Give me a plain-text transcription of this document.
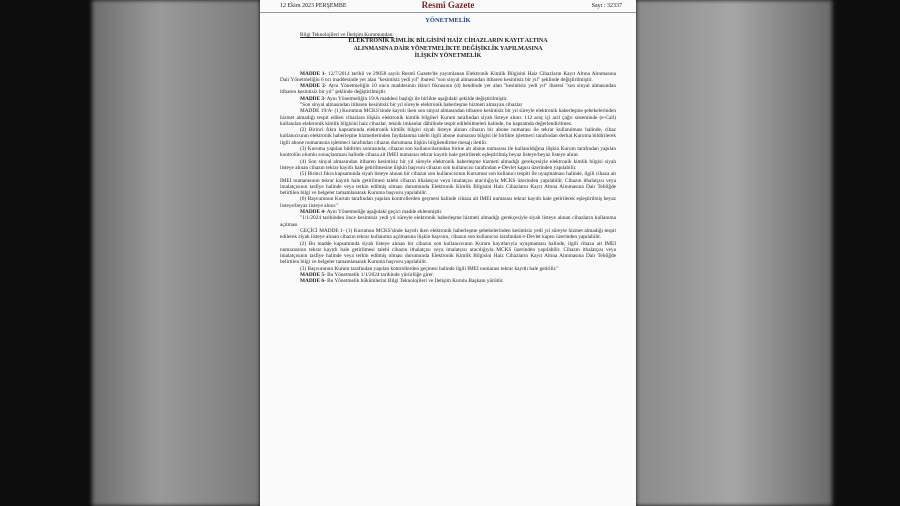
12 Ekim 2023 PERŞEMBE	Resmî Gazete	Sayı : 32337
YÖNETMELİK
Bilgi Teknolojileri ve İletişim Kurumundan:
ELEKTRONİK KİMLİK BİLGİSİNİ HAİZ CİHAZLARIN KAYIT ALTINA
ALINMASINA DAİR YÖNETMELİKTE DEĞİŞİKLİK YAPILMASINA
İLİŞKİN YÖNETMELİK

MADDE 1- 12/7/2014 tarihli ve 29058 sayılı Resmî Gazete'de yayımlanan Elektronik Kimlik Bilgisini Haiz Cihazların Kayıt Altına Alınmasına Dair Yönetmeliğin 6 ncı maddesinde yer alan "kesintisiz yedi yıl" ibaresi "son sinyal almasından itibaren kesintisiz bir yıl" şeklinde değiştirilmiştir.

MADDE 2- Aynı Yönetmeliğin 10 uncu maddesinin ikinci fıkrasının (d) bendinde yer alan "kesintisiz yedi yıl" ibaresi "son sinyal almasından itibaren kesintisiz bir yıl" şeklinde değiştirilmiştir.

MADDE 3- Aynı Yönetmeliğin 19/A maddesi başlığı ile birlikte aşağıdaki şekilde değiştirilmiştir.

"Son sinyal almasından itibaren kesintisiz bir yıl süreyle elektronik haberleşme hizmeti almayan cihazlar

MADDE 19/A- (1) Kurumun MCKS'sinde kayıtlı iken son sinyal almasından itibaren kesintisiz bir yıl süreyle elektronik haberleşme şebekelerinden hizmet almadığı tespit edilen cihazlara ilişkin elektronik kimlik bilgileri Kurum tarafından siyah listeye alınır. 112 araç içi acil çağrı sisteminde (e-Call) kullanılan elektronik kimlik bilgisini haiz cihazlar, teknik imkanlar dâhilinde tespit edilebilmeleri halinde, bu kapsamda değerlendirilmez.

(2) Birinci fıkra kapsamında elektronik kimlik bilgisi siyah listeye alınan cihazın bir abone numarası ile tekrar kullanılması halinde, cihaz kullanıcısının elektronik haberleşme hizmetlerinden faydalanma talebi ilgili abone numarası bilgisi ile birlikte işletmeci tarafından derhal Kuruma bildirilerek ilgili abone numarasına işletmeci tarafından cihazın durumuna ilişkin bilgilendirme mesajı iletilir.

(3) Kuruma yapılan bildirim sonrasında; cihazın son kullanıcılarından birine ait abone numarası ile kullanıldığına ilişkin Kurum tarafından yapılan kontrolün olumlu sonuçlanması halinde cihaza ait IMEI numarası tekrar kayıtlı hale getirilerek eşleştirilmiş beyaz listeye/beyaz listeye alınır.

(4) Son sinyal almasından itibaren kesintisiz bir yıl süreyle elektronik haberleşme hizmeti almadığı gerekçesiyle elektronik kimlik bilgisi siyah listeye alınan cihazın tekrar kayıtlı hale getirilmesine ilişkin başvuru cihazın son kullanıcısı tarafından e-Devlet kapısı üzerinden yapılabilir.

(5) Birinci fıkra kapsamında siyah listeye alınan bir cihazın son kullanıcısının Kurumun son kullanıcı tespiti ile uyuşmaması halinde, ilgili cihaza ait IMEI numarasının tekrar kayıtlı hale getirilmesi talebi cihazın ithalatçısı veya imalatçısı aracılığıyla MCKS üzerinden yapılabilir. Cihazın ithalatçısı veya imalatçısının tasfiye halinde veya terkin edilmiş olması durumunda Elektronik Kimlik Bilgisini Haiz Cihazların Kayıt Altına Alınmasına Dair Tebliğde belirtilen bilgi ve belgeler tamamlanarak Kuruma başvuru yapılabilir.

(6) Başvurunun Kurum tarafından yapılan kontrollerden geçmesi halinde cihaza ait IMEI numarası tekrar kayıtlı hale getirilerek eşleştirilmiş beyaz listeye/beyaz listeye alınır."

MADDE 4- Aynı Yönetmeliğe aşağıdaki geçici madde eklenmiştir.

"1/1/2024 tarihinden önce kesintisiz yedi yıl süreyle elektronik haberleşme hizmeti almadığı gerekçesiyle siyah listeye alınan cihazların kullanıma açılması

GEÇİCİ MADDE 1- (1) Kurumun MCKS'sinde kayıtlı iken elektronik haberleşme şebekelerinden kesintisiz yedi yıl süreyle hizmet almadığı tespit edilerek siyah listeye alınan cihazın tekrar kullanıma açılmasına ilişkin başvuru, cihazın son kullanıcısı tarafından e-Devlet kapısı üzerinden yapılabilir.

(2) Bu madde kapsamında siyah listeye alınan bir cihazın son kullanıcısının Kurum kayıtlarıyla uyuşmaması halinde, ilgili cihaza ait IMEI numarasının tekrar kayıtlı hale getirilmesi talebi cihazın ithalatçısı veya imalatçısı aracılığıyla MCKS üzerinden yapılabilir. Cihazın ithalatçısı veya imalatçısının tasfiye halinde veya terkin edilmiş olması durumunda Elektronik Kimlik Bilgisini Haiz Cihazların Kayıt Altına Alınmasına Dair Tebliğde belirtilen bilgi ve belgeler tamamlanarak Kuruma başvuru yapılabilir.

(3) Başvurunun Kurum tarafından yapılan kontrollerden geçmesi halinde ilgili IMEI numarası tekrar kayıtlı hale getirilir."

MADDE 5- Bu Yönetmelik 1/1/2024 tarihinde yürürlüğe girer.

MADDE 6- Bu Yönetmelik hükümlerini Bilgi Teknolojileri ve İletişim Kurulu Başkanı yürütür.
